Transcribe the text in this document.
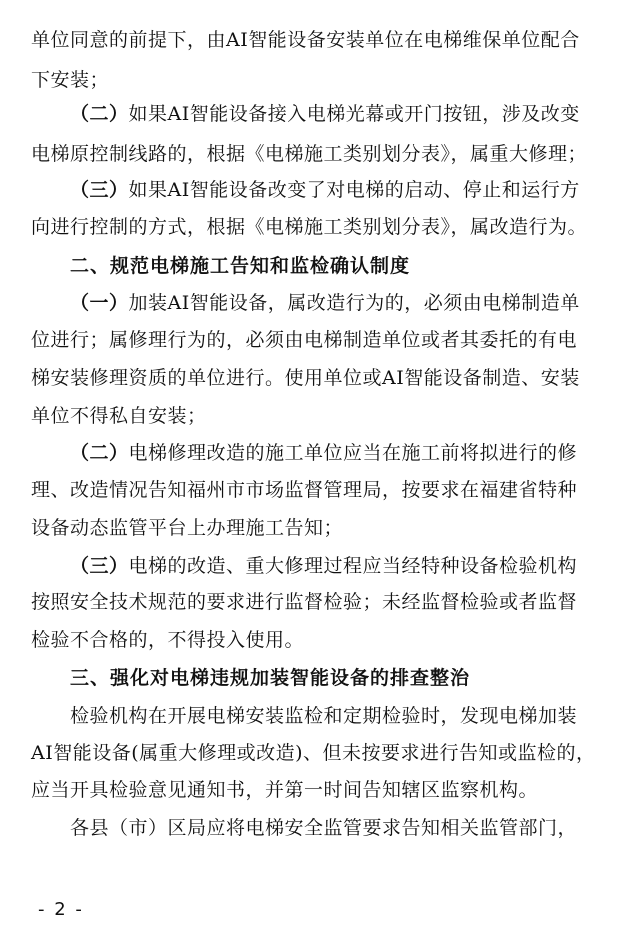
单位同意的前提下，由AI智能设备安装单位在电梯维保单位配合
下安装；
（二）如果AI智能设备接入电梯光幕或开门按钮，涉及改变
电梯原控制线路的，根据《电梯施工类别划分表》，属重大修理；
（三）如果AI智能设备改变了对电梯的启动、停止和运行方
向进行控制的方式，根据《电梯施工类别划分表》，属改造行为。
二、规范电梯施工告知和监检确认制度
（一）加装AI智能设备，属改造行为的，必须由电梯制造单
位进行；属修理行为的，必须由电梯制造单位或者其委托的有电
梯安装修理资质的单位进行。使用单位或AI智能设备制造、安装
单位不得私自安装；
（二）电梯修理改造的施工单位应当在施工前将拟进行的修
理、改造情况告知福州市市场监督管理局，按要求在福建省特种
设备动态监管平台上办理施工告知；
（三）电梯的改造、重大修理过程应当经特种设备检验机构
按照安全技术规范的要求进行监督检验；未经监督检验或者监督
检验不合格的，不得投入使用。
三、强化对电梯违规加装智能设备的排查整治
检验机构在开展电梯安装监检和定期检验时，发现电梯加装
AI智能设备(属重大修理或改造)、但未按要求进行告知或监检的，
应当开具检验意见通知书，并第一时间告知辖区监察机构。
各县（市）区局应将电梯安全监管要求告知相关监管部门，
- 2 -
